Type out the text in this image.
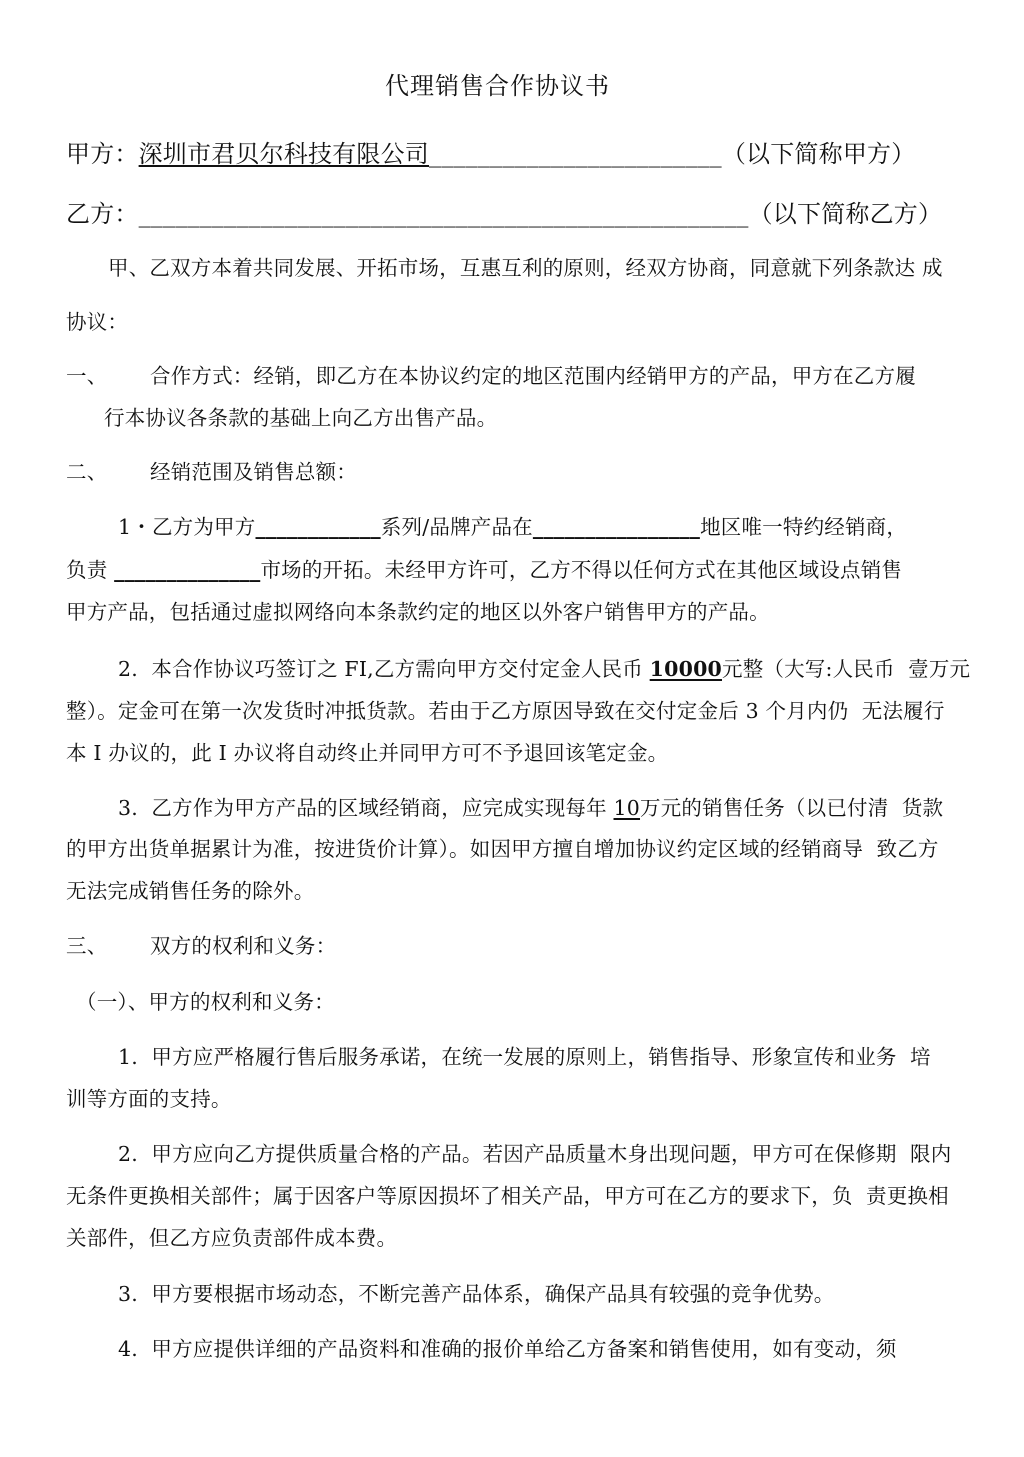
代理销售合作协议书
甲方：深圳市君贝尔科技有限公司________________________（以下简称甲方）
乙方：__________________________________________________（以下简称乙方）
甲、乙双方本着共同发展、开拓市场，互惠互利的原则，经双方协商，同意就下列条款达 成
协议：
一、 合作方式：经销，即乙方在本协议约定的地区范围内经销甲方的产品，甲方在乙方履
行本协议各条款的基础上向乙方出售产品。
二、 经销范围及销售总额：
1・乙方为甲方____________系列/品牌产品在________________地区唯一特约经销商，
负责 ______________市场的开拓。未经甲方许可，乙方不得以任何方式在其他区域设点销售
甲方产品，包括通过虚拟网络向本条款约定的地区以外客户销售甲方的产品。
2.  本合作协议巧签订之 FI,乙方需向甲方交付定金人民币 10000元整（大写:人民币  壹万元
整）。定金可在第一次发货时冲抵货款。若由于乙方原因导致在交付定金后 3 个月内仍  无法履行
本 I 办议的，此 I 办议将自动终止并同甲方可不予退回该笔定金。
3.  乙方作为甲方产品的区域经销商，应完成实现每年 10万元的销售任务（以已付清  货款
的甲方出货单据累计为准，按进货价计算）。如因甲方擅自增加协议约定区域的经销商导  致乙方
无法完成销售任务的除外。
三、 双方的权利和义务：
（一）、甲方的权利和义务：
1.  甲方应严格履行售后服务承诺，在统一发展的原则上，销售指导、形象宣传和业务  培
训等方面的支持。
2.  甲方应向乙方提供质量合格的产品。若因产品质量木身出现问题，甲方可在保修期  限内
无条件更换相关部件；属于因客户等原因损坏了相关产品，甲方可在乙方的要求下，负  责更换相
关部件，但乙方应负责部件成本费。
3.  甲方要根据市场动态，不断完善产品体系，确保产品具有较强的竞争优势。
4.  甲方应提供详细的产品资料和准确的报价单给乙方备案和销售使用，如有变动，须
